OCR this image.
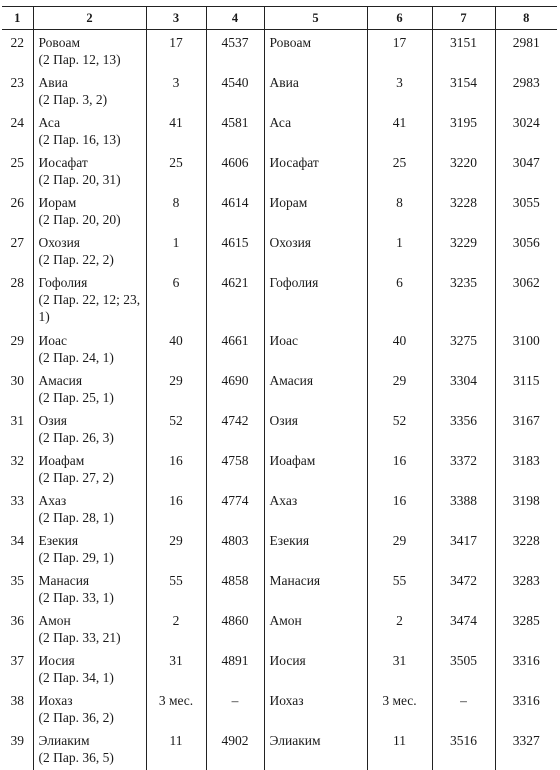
1	2	3	4	5	6	7	8
22	Ровоам
(2 Пар. 12, 13)	17	4537	Ровоам	17	3151	2981
23	Авиа
(2 Пар. 3, 2)	3	4540	Авиа	3	3154	2983
24	Аса
(2 Пар. 16, 13)	41	4581	Аса	41	3195	3024
25	Иосафат
(2 Пар. 20, 31)	25	4606	Иосафат	25	3220	3047
26	Иорам
(2 Пар. 20, 20)	8	4614	Иорам	8	3228	3055
27	Охозия
(2 Пар. 22, 2)	1	4615	Охозия	1	3229	3056
28	Гофолия
(2 Пар. 22, 12; 23, 1)	6	4621	Гофолия	6	3235	3062
29	Иоас
(2 Пар. 24, 1)	40	4661	Иоас	40	3275	3100
30	Амасия
(2 Пар. 25, 1)	29	4690	Амасия	29	3304	3115
31	Озия
(2 Пар. 26, 3)	52	4742	Озия	52	3356	3167
32	Иоафам
(2 Пар. 27, 2)	16	4758	Иоафам	16	3372	3183
33	Ахаз
(2 Пар. 28, 1)	16	4774	Ахаз	16	3388	3198
34	Езекия
(2 Пар. 29, 1)	29	4803	Езекия	29	3417	3228
35	Манасия
(2 Пар. 33, 1)	55	4858	Манасия	55	3472	3283
36	Амон
(2 Пар. 33, 21)	2	4860	Амон	2	3474	3285
37	Иосия
(2 Пар. 34, 1)	31	4891	Иосия	31	3505	3316
38	Иохаз
(2 Пар. 36, 2)	3 мес.	–	Иохаз	3 мес.	–	3316
39	Элиаким
(2 Пар. 36, 5)	11	4902	Элиаким	11	3516	3327
